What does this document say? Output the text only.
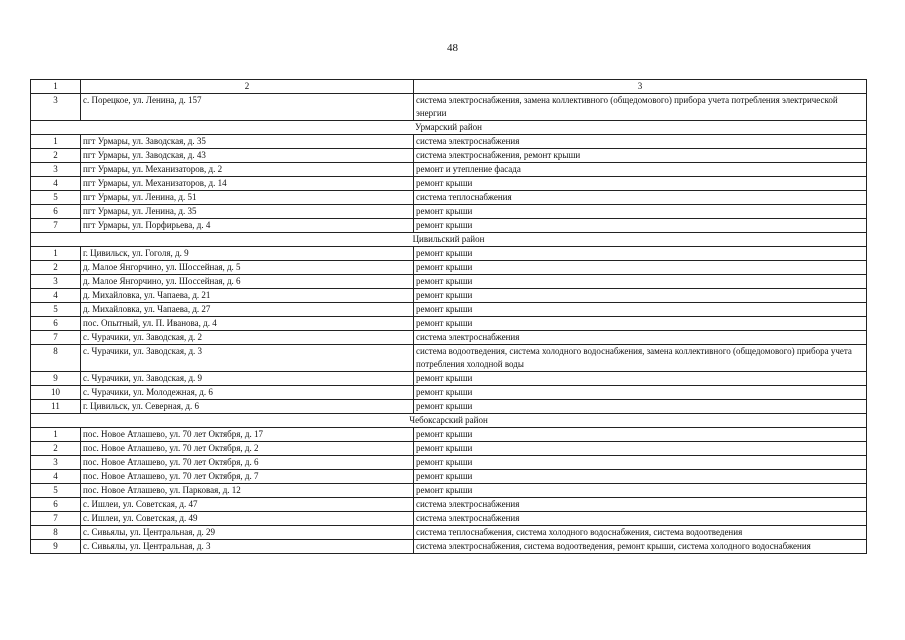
48
1	2	3
3	с. Порецкое, ул. Ленина, д. 157	система электроснабжения, замена коллективного (общедомового) прибора учета потребления электрической энергии
Урмарский район		
1	пгт Урмары, ул. Заводская, д. 35	система электроснабжения
2	пгт Урмары, ул. Заводская, д. 43	система электроснабжения, ремонт крыши
3	пгт Урмары, ул. Механизаторов, д. 2	ремонт и утепление фасада
4	пгт Урмары, ул. Механизаторов, д. 14	ремонт крыши
5	пгт Урмары, ул. Ленина, д. 51	система теплоснабжения
6	пгт Урмары, ул. Ленина, д. 35	ремонт крыши
7	пгт Урмары, ул. Порфирьева, д. 4	ремонт крыши
Цивильский район		
1	г. Цивильск, ул. Гоголя, д. 9	ремонт крыши
2	д. Малое Янгорчино, ул. Шоссейная, д. 5	ремонт крыши
3	д. Малое Янгорчино, ул. Шоссейная, д. 6	ремонт крыши
4	д. Михайловка, ул. Чапаева, д. 21	ремонт крыши
5	д. Михайловка, ул. Чапаева, д. 27	ремонт крыши
6	пос. Опытный, ул. П. Иванова, д. 4	ремонт крыши
7	с. Чурачики, ул. Заводская, д. 2	система электроснабжения
8	с. Чурачики, ул. Заводская, д. 3	система водоотведения, система холодного водоснабжения, замена коллективного (общедомового) прибора учета потребления холодной воды
9	с. Чурачики, ул. Заводская, д. 9	ремонт крыши
10	с. Чурачики, ул. Молодежная, д. 6	ремонт крыши
11	г. Цивильск, ул. Северная, д. 6	ремонт крыши
Чебоксарский район		
1	пос. Новое Атлашево, ул. 70 лет Октября, д. 17	ремонт крыши
2	пос. Новое Атлашево, ул. 70 лет Октября, д. 2	ремонт крыши
3	пос. Новое Атлашево, ул. 70 лет Октября, д. 6	ремонт крыши
4	пос. Новое Атлашево, ул. 70 лет Октября, д. 7	ремонт крыши
5	пос. Новое Атлашево, ул. Парковая, д. 12	ремонт крыши
6	с. Ишлеи, ул. Советская, д. 47	система электроснабжения
7	с. Ишлеи, ул. Советская, д. 49	система электроснабжения
8	с. Сивьялы, ул. Центральная, д. 29	система теплоснабжения, система холодного водоснабжения, система водоотведения
9	с. Сивьялы, ул. Центральная, д. 3	система электроснабжения, система водоотведения, ремонт крыши, система холодного водоснабжения
